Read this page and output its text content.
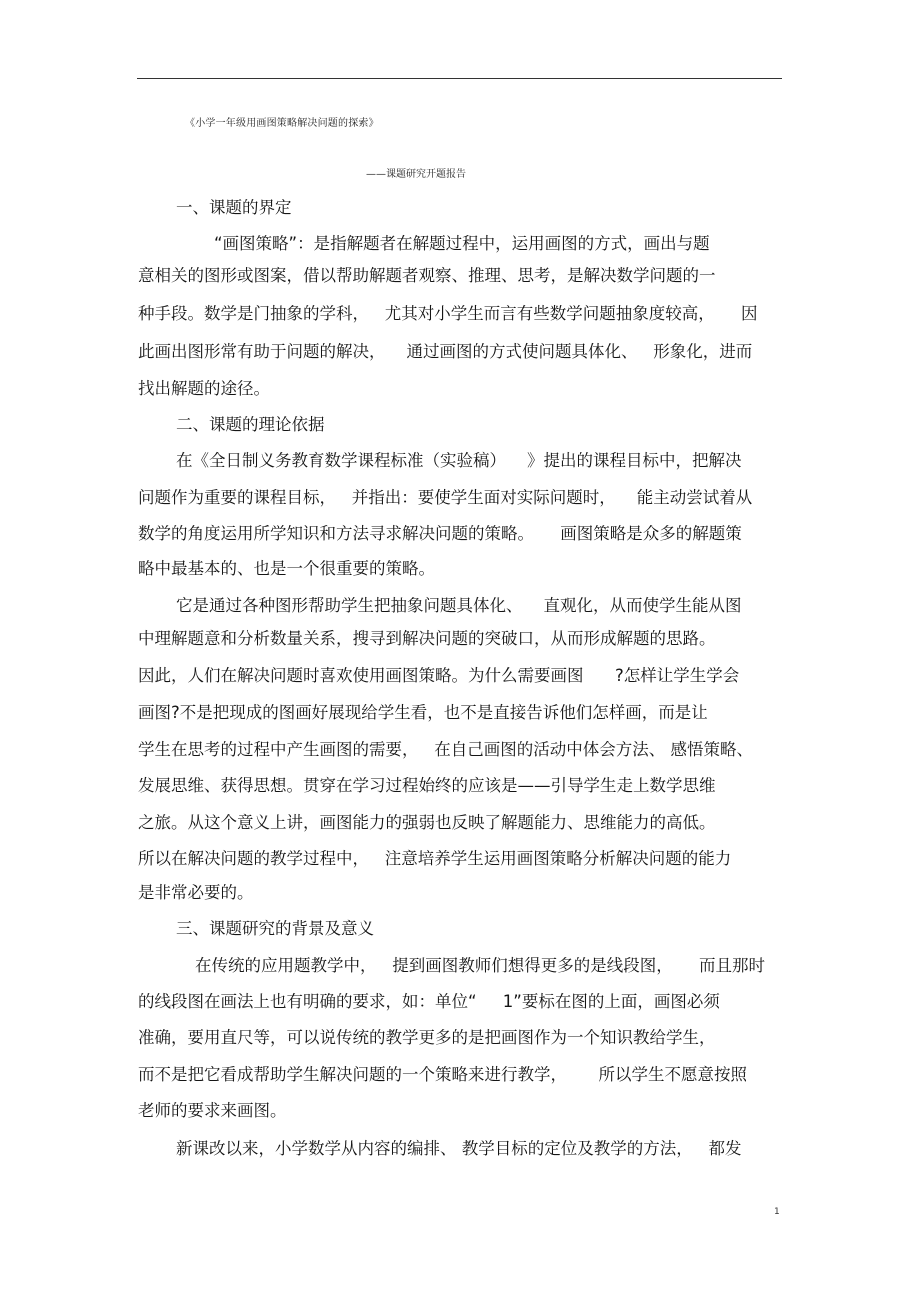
《小学一年级用画图策略解决问题的探索》
——课题研究开题报告
一、课题的界定
“画图策略”：是指解题者在解题过程中，运用画图的方式，画出与题
意相关的图形或图案，借以帮助解题者观察、推理、思考，是解决数学问题的一
种手段。数学是门抽象的学科，   尤其对小学生而言有些数学问题抽象度较高，     因
此画出图形常有助于问题的解决，    通过画图的方式使问题具体化、   形象化，进而
找出解题的途径。
二、课题的理论依据
在《全日制义务教育数学课程标准（实验稿）    》提出的课程目标中，把解决
问题作为重要的课程目标，   并指出：要使学生面对实际问题时，    能主动尝试着从
数学的角度运用所学知识和方法寻求解决问题的策略。     画图策略是众多的解题策
略中最基本的、也是一个很重要的策略。
它是通过各种图形帮助学生把抽象问题具体化、    直观化，从而使学生能从图
中理解题意和分析数量关系，搜寻到解决问题的突破口，从而形成解题的思路。
因此，人们在解决问题时喜欢使用画图策略。为什么需要画图      ?怎样让学生学会
画图?不是把现成的图画好展现给学生看，也不是直接告诉他们怎样画，而是让
学生在思考的过程中产生画图的需要，   在自己画图的活动中体会方法、 感悟策略、
发展思维、获得思想。贯穿在学习过程始终的应该是——引导学生走上数学思维
之旅。从这个意义上讲，画图能力的强弱也反映了解题能力、思维能力的高低。
所以在解决问题的教学过程中，   注意培养学生运用画图策略分析解决问题的能力
是非常必要的。
三、课题研究的背景及意义
在传统的应用题教学中，   提到画图教师们想得更多的是线段图，     而且那时
的线段图在画法上也有明确的要求，如：单位“     1”要标在图的上面，画图必须
准确，要用直尺等，可以说传统的教学更多的是把画图作为一个知识教给学生，
而不是把它看成帮助学生解决问题的一个策略来进行教学，      所以学生不愿意按照
老师的要求来画图。
新课改以来，小学数学从内容的编排、 教学目标的定位及教学的方法，   都发
1
